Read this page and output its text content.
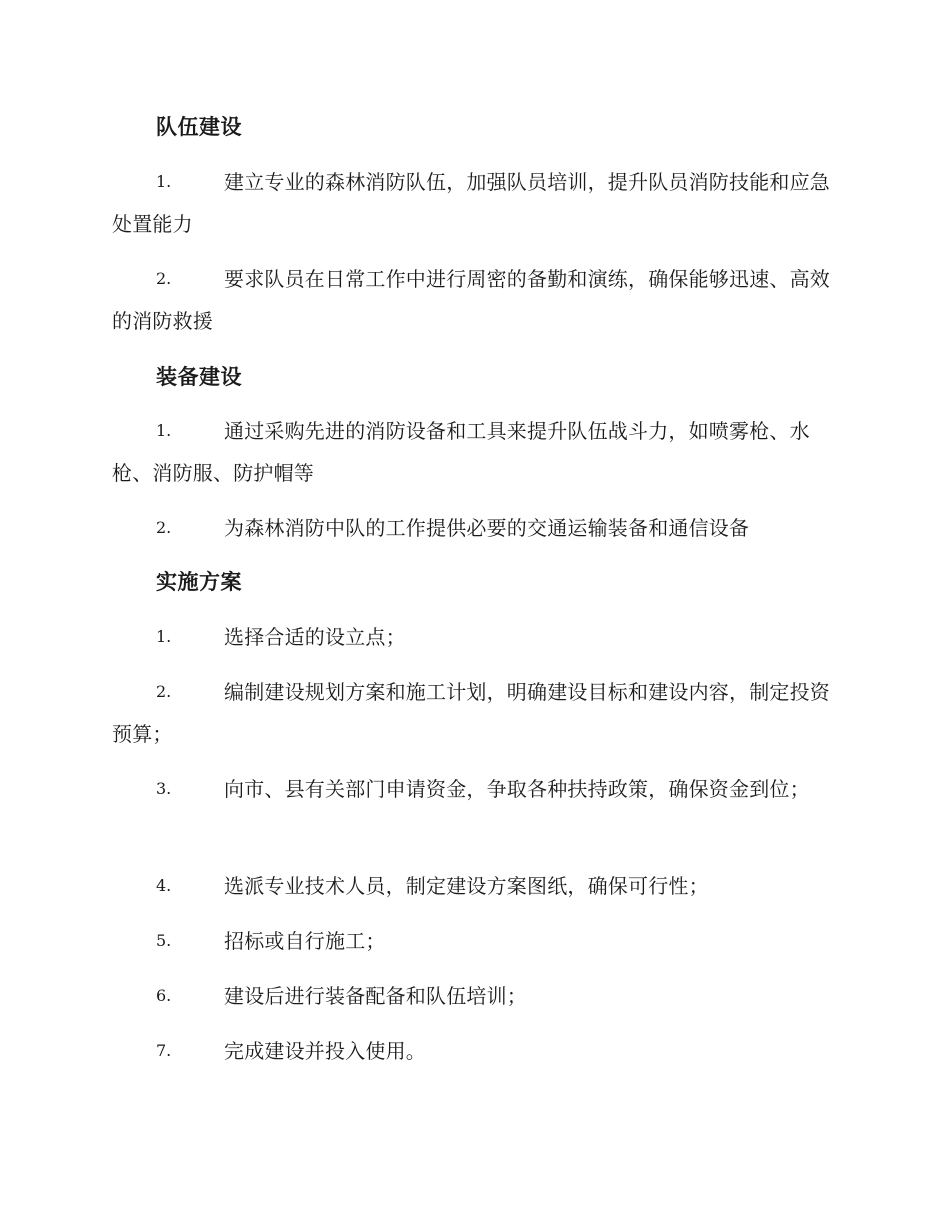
队伍建设
1.	建立专业的森林消防队伍，加强队员培训，提升队员消防技能和应急处置能力
2.	要求队员在日常工作中进行周密的备勤和演练，确保能够迅速、高效的消防救援
装备建设
1.	通过采购先进的消防设备和工具来提升队伍战斗力，如喷雾枪、水枪、消防服、防护帽等
2.	为森林消防中队的工作提供必要的交通运输装备和通信设备
实施方案
1.	选择合适的设立点；
2.	编制建设规划方案和施工计划，明确建设目标和建设内容，制定投资预算；
3.	向市、县有关部门申请资金，争取各种扶持政策，确保资金到位；
4.	选派专业技术人员，制定建设方案图纸，确保可行性；
5.	招标或自行施工；
6.	建设后进行装备配备和队伍培训；
7.	完成建设并投入使用。
